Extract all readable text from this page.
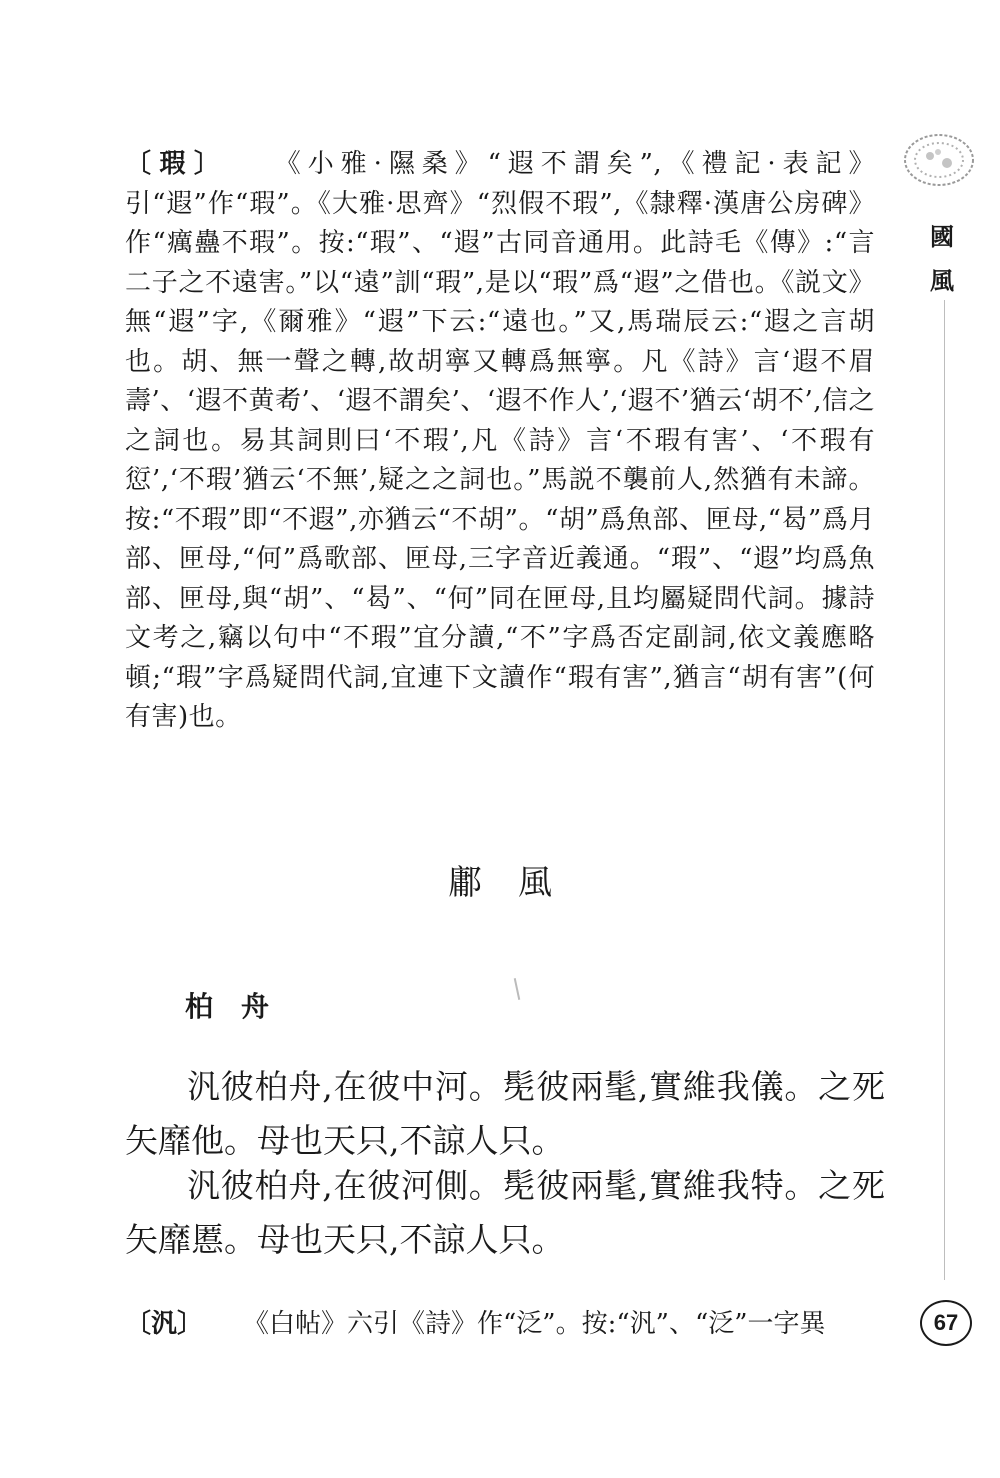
國風

〔瑕〕 《小雅·隰桑》“遐不謂矣”,《禮記·表記》引“遐”作“瑕”。《大雅·思齊》“烈假不瑕”,《隸釋·漢唐公房碑》作“癘蠱不瑕”。按:“瑕”、“遐”古同音通用。此詩毛《傳》:“言二子之不遠害。”以“遠”訓“瑕”,是以“瑕”爲“遐”之借也。《説文》無“遐”字,《爾雅》“遐”下云:“遠也。”又,馬瑞辰云:“遐之言胡也。胡、無一聲之轉,故胡寧又轉爲無寧。凡《詩》言‘遐不眉壽’、‘遐不黄耇’、‘遐不謂矣’、‘遐不作人’,‘遐不’猶云‘胡不’,信之之詞也。易其詞則曰‘不瑕’,凡《詩》言‘不瑕有害’、‘不瑕有愆’,‘不瑕’猶云‘不無’,疑之之詞也。”馬説不襲前人,然猶有未諦。按:“不瑕”即“不遐”,亦猶云“不胡”。“胡”爲魚部、匣母,“曷”爲月部、匣母,“何”爲歌部、匣母,三字音近義通。“瑕”、“遐”均爲魚部、匣母,與“胡”、“曷”、“何”同在匣母,且均屬疑問代詞。據詩文考之,竊以句中“不瑕”宜分讀,“不”字爲否定副詞,依文義應略頓;“瑕”字爲疑問代詞,宜連下文讀作“瑕有害”,猶言“胡有害”(何有害)也。

鄘風
柏舟

汎彼柏舟,在彼中河。髧彼兩髦,實維我儀。之死矢靡他。母也天只,不諒人只。

汎彼柏舟,在彼河側。髧彼兩髦,實維我特。之死矢靡慝。母也天只,不諒人只。

〔汎〕 《白帖》六引《詩》作“泛”。按:“汎”、“泛”一字異	67
